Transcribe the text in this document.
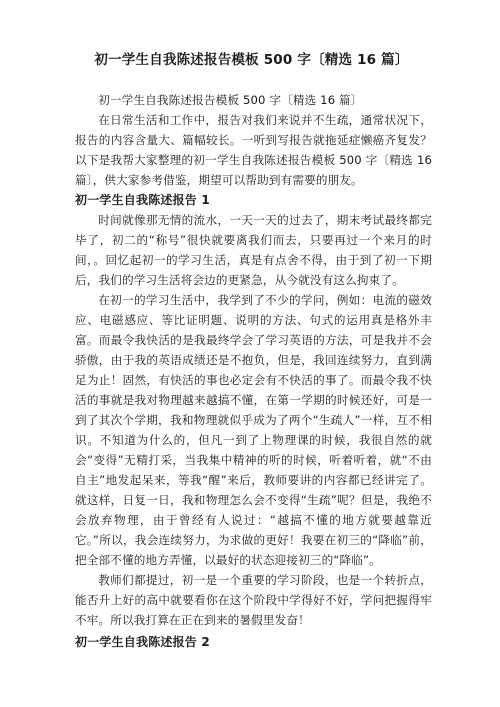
初一学生自我陈述报告模板 500 字〔精选 16 篇〕

初一学生自我陈述报告模板 500 字〔精选 16 篇〕

在日常生活和工作中，报告对我们来说并不生疏，通常状况下，报告的内容含量大、篇幅较长。一听到写报告就拖延症懒癌齐复发？以下是我帮大家整理的初一学生自我陈述报告模板 500 字〔精选 16篇〕，供大家参考借鉴，期望可以帮助到有需要的朋友。

初一学生自我陈述报告 1

时间就像那无情的流水，一天一天的过去了，期末考试最终都完毕了，初二的“称号”很快就要离我们而去，只要再过一个来月的时间，。回忆起初一的学习生活，真是有点舍不得，由于到了初一下期后，我们的学习生活将会边的更紧急，从今就没有这么拘束了。

在初一的学习生活中，我学到了不少的学问，例如：电流的磁效应、电磁感应、等比证明题、说明的方法、句式的运用真是格外丰富。而最令我快活的是我最终学会了学习英语的方法，可是我并不会骄傲，由于我的英语成绩还是不抱负，但是，我回连续努力，直到满足为止！固然，有快活的事也必定会有不快活的事了。而最令我不快活的事就是我对物理越来越搞不懂，在第一学期的时候还好，可是一到了其次个学期，我和物理就似乎成为了两个“生疏人”一样，互不相识。不知道为什么的，但凡一到了上物理课的时候，我很自然的就会“变得”无精打采，当我集中精神的听的时候，听着听着，就“不由自主”地发起呆来，等我“醒”来后，教师要讲的内容都已经讲完了。就这样，日复一日，我和物理怎么会不变得“生疏”呢？但是，我绝不会放弃物理，由于曾经有人说过：“越搞不懂的地方就要越靠近它。”所以，我会连续努力，为求做的更好！我要在初三的“降临”前，把全部不懂的地方弄懂，以最好的状态迎接初三的“降临”。

教师们都提过，初一是一个重要的学习阶段，也是一个转折点，能否升上好的高中就要看你在这个阶段中学得好不好，学问把握得牢不牢。所以我打算在正在到来的暑假里发奋！

初一学生自我陈述报告 2
